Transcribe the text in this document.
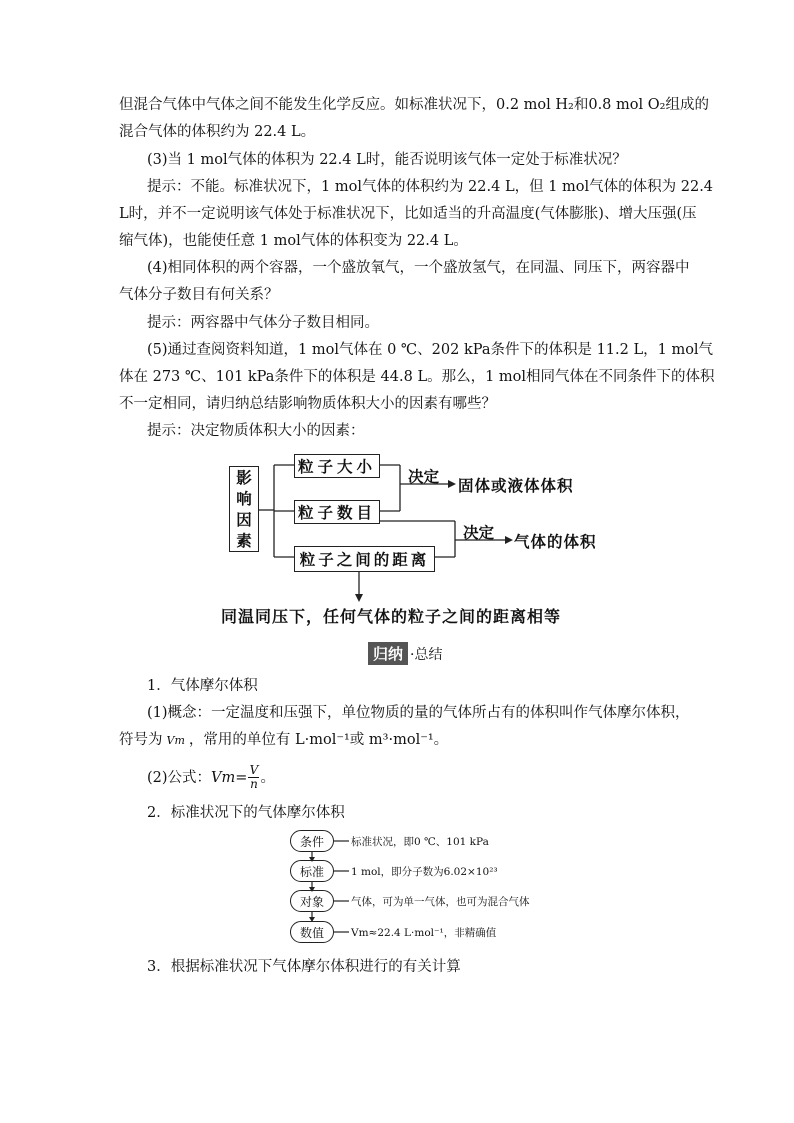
但混合气体中气体之间不能发生化学反应。如标准状况下，0.2 mol H₂和0.8 mol O₂组成的
混合气体的体积约为 22.4 L。
(3)当 1 mol气体的体积为 22.4 L时，能否说明该气体一定处于标准状况？
提示：不能。标准状况下，1 mol气体的体积约为 22.4 L，但 1 mol气体的体积为 22.4
L时，并不一定说明该气体处于标准状况下，比如适当的升高温度(气体膨胀)、增大压强(压
缩气体)，也能使任意 1 mol气体的体积变为 22.4 L。
(4)相同体积的两个容器，一个盛放氧气，一个盛放氢气，在同温、同压下，两容器中
气体分子数目有何关系？
提示：两容器中气体分子数目相同。
(5)通过查阅资料知道，1 mol气体在 0 ℃、202 kPa条件下的体积是 11.2 L，1 mol气
体在 273 ℃、101 kPa条件下的体积是 44.8 L。那么，1 mol相同气体在不同条件下的体积
不一定相同，请归纳总结影响物质体积大小的因素有哪些？
提示：决定物质体积大小的因素：
影
响
因
素
粒子大小
粒子数目
粒子之间的距离
决定 固体或液体体积
决定 气体的体积
同温同压下，任何气体的粒子之间的距离相等
归纳 ·总结
1．气体摩尔体积
(1)概念：一定温度和压强下，单位物质的量的气体所占有的体积叫作气体摩尔体积，
符号为 Vm ，常用的单位有 L·mol⁻¹或 m³·mol⁻¹。
(2)公式： Vm = V
n 。
2．标准状况下的气体摩尔体积
条件
标准
对象
数值
标准状况，即0 ℃、101 kPa
1 mol，即分子数为6.02×10²³
气体，可为单一气体，也可为混合气体
Vm≈22.4 L·mol⁻¹，非精确值
3．根据标准状况下气体摩尔体积进行的有关计算
